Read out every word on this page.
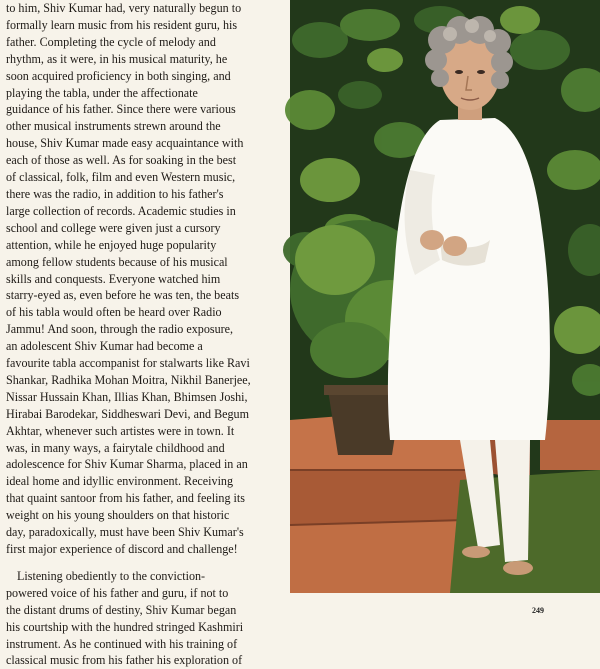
to him, Shiv Kumar had, very naturally begun to
formally learn music from his resident guru, his
father. Completing the cycle of melody and
rhythm, as it were, in his musical maturity, he
soon acquired proficiency in both singing, and
playing the tabla, under the affectionate
guidance of his father. Since there were various
other musical instruments strewn around the
house, Shiv Kumar made easy acquaintance with
each of those as well. As for soaking in the best
of classical, folk, film and even Western music,
there was the radio, in addition to his father's
large collection of records. Academic studies in
school and college were given just a cursory
attention, while he enjoyed huge popularity
among fellow students because of his musical
skills and conquests. Everyone watched him
starry-eyed as, even before he was ten, the beats
of his tabla would often be heard over Radio
Jammu! And soon, through the radio exposure,
an adolescent Shiv Kumar had become a
favourite tabla accompanist for stalwarts like Ravi
Shankar, Radhika Mohan Moitra, Nikhil Banerjee,
Nissar Hussain Khan, Illias Khan, Bhimsen Joshi,
Hirabai Barodekar, Siddheswari Devi, and Begum
Akhtar, whenever such artistes were in town. It
was, in many ways, a fairytale childhood and
adolescence for Shiv Kumar Sharma, placed in an
ideal home and idyllic environment. Receiving
that quaint santoor from his father, and feeling its
weight on his young shoulders on that historic
day, paradoxically, must have been Shiv Kumar's
first major experience of discord and challenge!

Listening obediently to the conviction-
powered voice of his father and guru, if not to
the distant drums of destiny, Shiv Kumar began
his courtship with the hundred stringed Kashmiri
instrument. As he continued with his training of
classical music from his father his exploration of

249
